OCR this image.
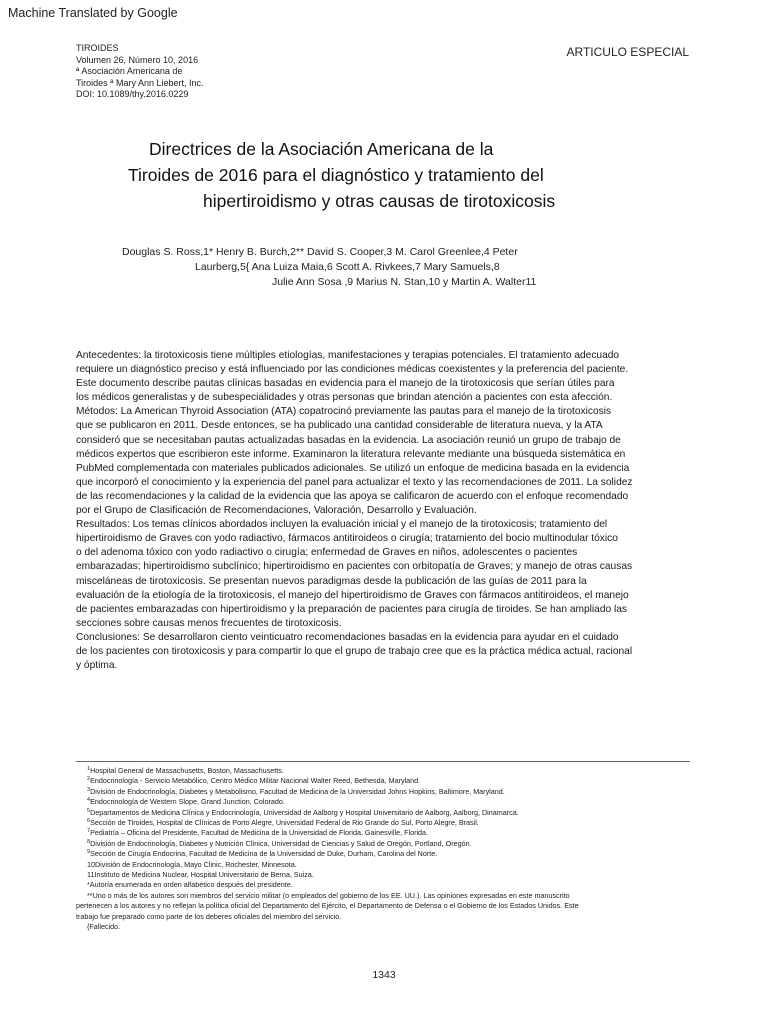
Machine Translated by Google
TIROIDES
Volumen 26, Número 10, 2016
ª Asociación Americana de
Tiroides ª Mary Ann Liebert, Inc.
DOI: 10.1089/thy.2016.0229
ARTICULO ESPECIAL
Directrices de la Asociación Americana de la
Tiroides de 2016 para el diagnóstico y tratamiento del
hipertiroidismo y otras causas de tirotoxicosis
Douglas S. Ross,1* Henry B. Burch,2** David S. Cooper,3 M. Carol Greenlee,4 Peter
Laurberg,5{ Ana Luiza Maia,6 Scott A. Rivkees,7 Mary Samuels,8
Julie Ann Sosa ,9 Marius N. Stan,10 y Martin A. Walter11
Antecedentes: la tirotoxicosis tiene múltiples etiologías, manifestaciones y terapias potenciales. El tratamiento adecuado
requiere un diagnóstico preciso y está influenciado por las condiciones médicas coexistentes y la preferencia del paciente.
Este documento describe pautas clínicas basadas en evidencia para el manejo de la tirotoxicosis que serían útiles para
los médicos generalistas y de subespecialidades y otras personas que brindan atención a pacientes con esta afección.
Métodos: La American Thyroid Association (ATA) copatrocinó previamente las pautas para el manejo de la tirotoxicosis
que se publicaron en 2011. Desde entonces, se ha publicado una cantidad considerable de literatura nueva, y la ATA
consideró que se necesitaban pautas actualizadas basadas en la evidencia. La asociación reunió un grupo de trabajo de
médicos expertos que escribieron este informe. Examinaron la literatura relevante mediante una búsqueda sistemática en
PubMed complementada con materiales publicados adicionales. Se utilizó un enfoque de medicina basada en la evidencia
que incorporó el conocimiento y la experiencia del panel para actualizar el texto y las recomendaciones de 2011. La solidez
de las recomendaciones y la calidad de la evidencia que las apoya se calificaron de acuerdo con el enfoque recomendado
por el Grupo de Clasificación de Recomendaciones, Valoración, Desarrollo y Evaluación.
Resultados: Los temas clínicos abordados incluyen la evaluación inicial y el manejo de la tirotoxicosis; tratamiento del
hipertiroidismo de Graves con yodo radiactivo, fármacos antitiroideos o cirugía; tratamiento del bocio multinodular tóxico
o del adenoma tóxico con yodo radiactivo o cirugía; enfermedad de Graves en niños, adolescentes o pacientes
embarazadas; hipertiroidismo subclínico; hipertiroidismo en pacientes con orbitopatía de Graves; y manejo de otras causas
misceláneas de tirotoxicosis. Se presentan nuevos paradigmas desde la publicación de las guías de 2011 para la
evaluación de la etiología de la tirotoxicosis, el manejo del hipertiroidismo de Graves con fármacos antitiroideos, el manejo
de pacientes embarazadas con hipertiroidismo y la preparación de pacientes para cirugía de tiroides. Se han ampliado las
secciones sobre causas menos frecuentes de tirotoxicosis.
Conclusiones: Se desarrollaron ciento veinticuatro recomendaciones basadas en la evidencia para ayudar en el cuidado
de los pacientes con tirotoxicosis y para compartir lo que el grupo de trabajo cree que es la práctica médica actual, racional
y óptima.
$^1$Hospital General de Massachusetts, Boston, Massachusetts.
$^2$Endocrinología - Servicio Metabólico, Centro Médico Militar Nacional Walter Reed, Bethesda, Maryland.
$^3$División de Endocrinología, Diabetes y Metabolismo, Facultad de Medicina de la Universidad Johns Hopkins, Baltimore, Maryland.
$^4$Endocrinología de Western Slope, Grand Junction, Colorado.
$^5$Departamentos de Medicina Clínica y Endocrinología, Universidad de Aalborg y Hospital Universitario de Aalborg, Aalborg, Dinamarca.
$^6$Sección de Tiroides, Hospital de Clínicas de Porto Alegre, Universidad Federal de Rio Grande do Sul, Porto Alegre, Brasil.
$^7$Pediatría – Oficina del Presidente, Facultad de Medicina de la Universidad de Florida, Gainesville, Florida.
$^8$División de Endocrinología, Diabetes y Nutrición Clínica, Universidad de Ciencias y Salud de Oregón, Portland, Oregón.
$^9$Sección de Cirugía Endocrina, Facultad de Medicina de la Universidad de Duke, Durham, Carolina del Norte.
10División de Endocrinología, Mayo Clinic, Rochester, Minnesota.
11Instituto de Medicina Nuclear, Hospital Universitario de Berna, Suiza.
*Autoría enumerada en orden alfabético después del presidente.
**Uno o más de los autores son miembros del servicio militar (o empleados del gobierno de los EE. UU.). Las opiniones expresadas en este manuscrito
pertenecen a los autores y no reflejan la política oficial del Departamento del Ejército, el Departamento de Defensa o el Gobierno de los Estados Unidos. Este
trabajo fue preparado como parte de los deberes oficiales del miembro del servicio.
{Fallecido.
1343
